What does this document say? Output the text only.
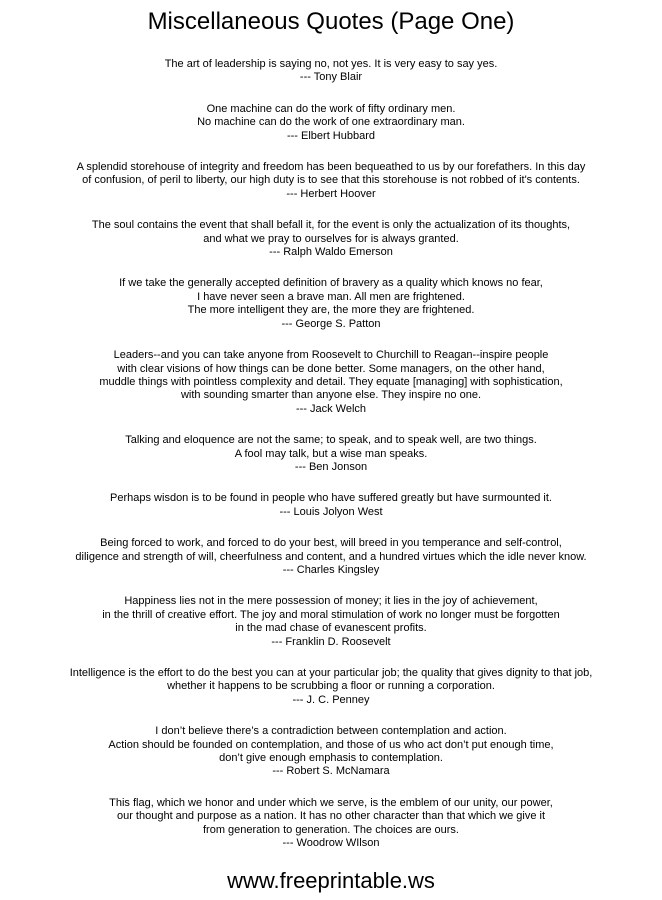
Miscellaneous Quotes (Page One)
The art of leadership is saying no, not yes. It is very easy to say yes.
--- Tony Blair
One machine can do the work of fifty ordinary men.
No machine can do the work of one extraordinary man.
--- Elbert Hubbard
A splendid storehouse of integrity and freedom has been bequeathed to us by our forefathers. In this day
of confusion, of peril to liberty, our high duty is to see that this storehouse is not robbed of it's contents.
--- Herbert Hoover
The soul contains the event that shall befall it, for the event is only the actualization of its thoughts,
and what we pray to ourselves for is always granted.
--- Ralph Waldo Emerson
If we take the generally accepted definition of bravery as a quality which knows no fear,
I have never seen a brave man. All men are frightened.
The more intelligent they are, the more they are frightened.
--- George S. Patton
Leaders--and you can take anyone from Roosevelt to Churchill to Reagan--inspire people
with clear visions of how things can be done better. Some managers, on the other hand,
muddle things with pointless complexity and detail. They equate [managing] with sophistication,
with sounding smarter than anyone else. They inspire no one.
--- Jack Welch
Talking and eloquence are not the same; to speak, and to speak well, are two things.
A fool may talk, but a wise man speaks.
--- Ben Jonson
Perhaps wisdon is to be found in people who have suffered greatly but have surmounted it.
--- Louis Jolyon West
Being forced to work, and forced to do your best, will breed in you temperance and self-control,
diligence and strength of will, cheerfulness and content, and a hundred virtues which the idle never know.
--- Charles Kingsley
Happiness lies not in the mere possession of money; it lies in the joy of achievement,
in the thrill of creative effort. The joy and moral stimulation of work no longer must be forgotten
in the mad chase of evanescent profits.
--- Franklin D. Roosevelt
Intelligence is the effort to do the best you can at your particular job; the quality that gives dignity to that job,
whether it happens to be scrubbing a floor or running a corporation.
--- J. C. Penney
I don’t believe there’s a contradiction between contemplation and action.
Action should be founded on contemplation, and those of us who act don’t put enough time,
don’t give enough emphasis to contemplation.
--- Robert S. McNamara
This flag, which we honor and under which we serve, is the emblem of our unity, our power,
our thought and purpose as a nation. It has no other character than that which we give it
from generation to generation. The choices are ours.
--- Woodrow WIlson
www.freeprintable.ws
